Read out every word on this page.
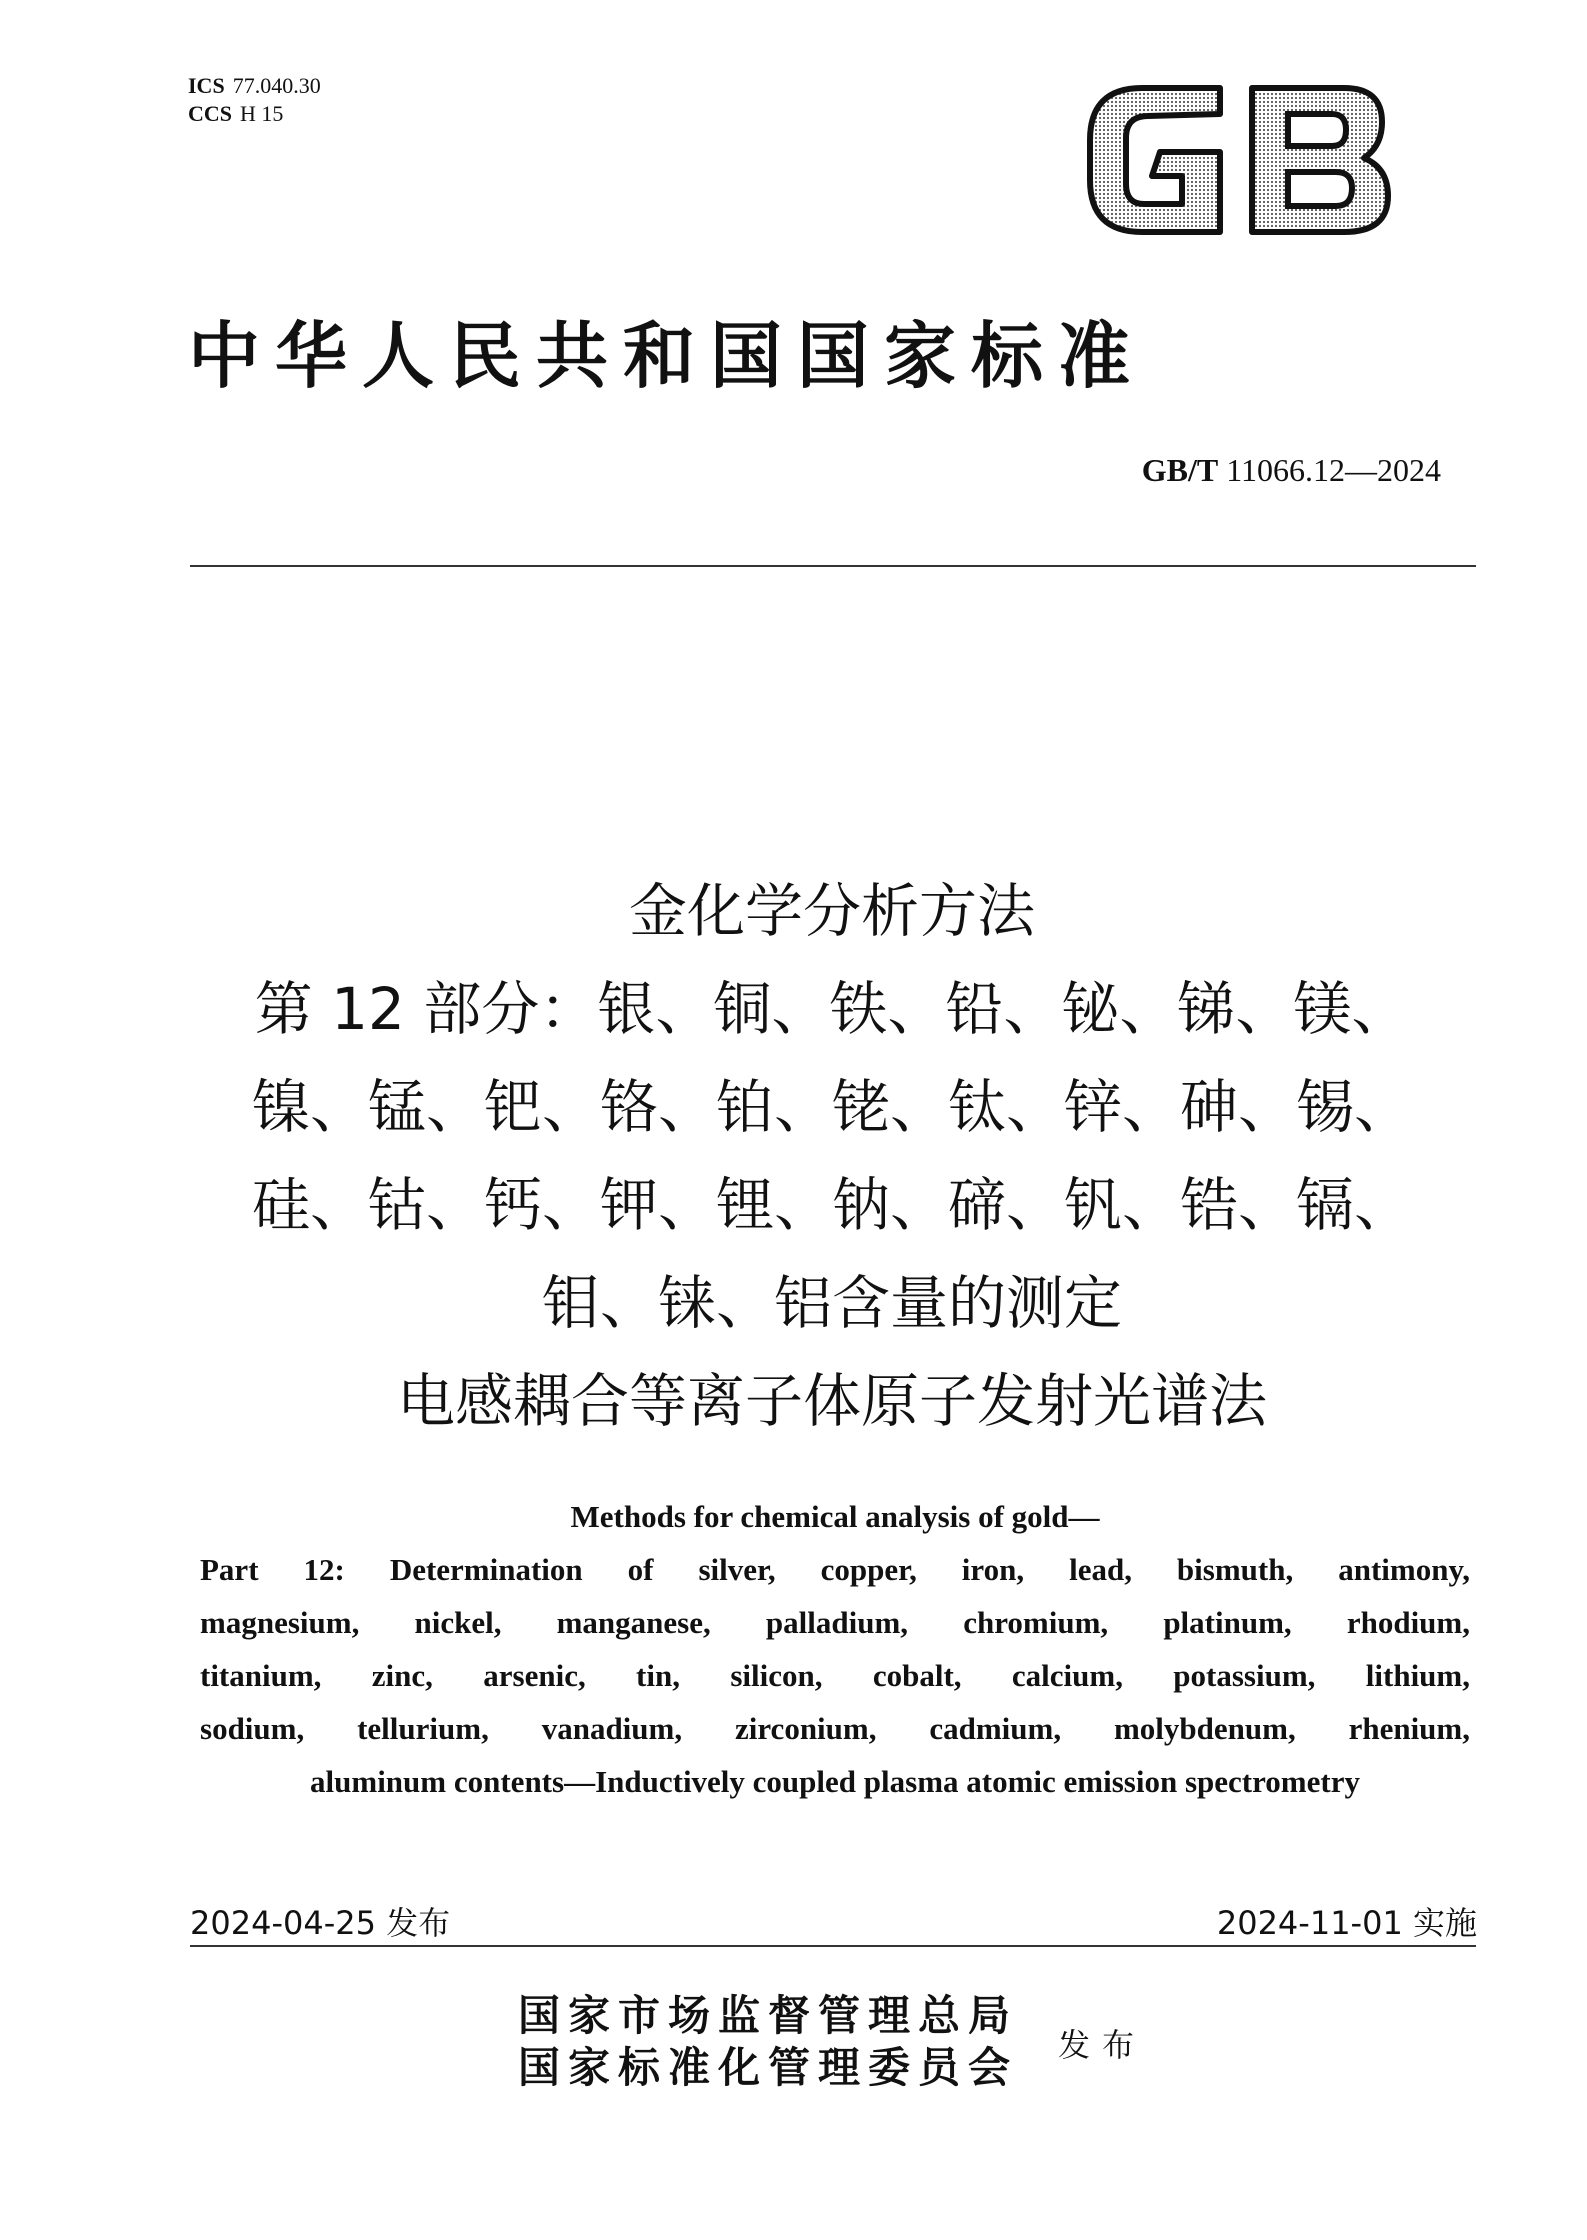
ICS 77.040.30
CCS H 15
中华人民共和国国家标准
GB/T 11066.12—2024
金化学分析方法
第 12 部分：银、铜、铁、铅、铋、锑、镁、
镍、锰、钯、铬、铂、铑、钛、锌、砷、锡、
硅、钴、钙、钾、锂、钠、碲、钒、锆、镉、
钼、铼、铝含量的测定
电感耦合等离子体原子发射光谱法
Methods for chemical analysis of gold—
Part 12: Determination of silver, copper, iron, lead, bismuth, antimony,
magnesium, nickel, manganese, palladium, chromium, platinum, rhodium,
titanium, zinc, arsenic, tin, silicon, cobalt, calcium, potassium, lithium,
sodium, tellurium, vanadium, zirconium, cadmium, molybdenum, rhenium,
aluminum contents—Inductively coupled plasma atomic emission spectrometry
2024-04-25 发布	2024-11-01 实施
国家市场监督管理总局
国家标准化管理委员会 发布
